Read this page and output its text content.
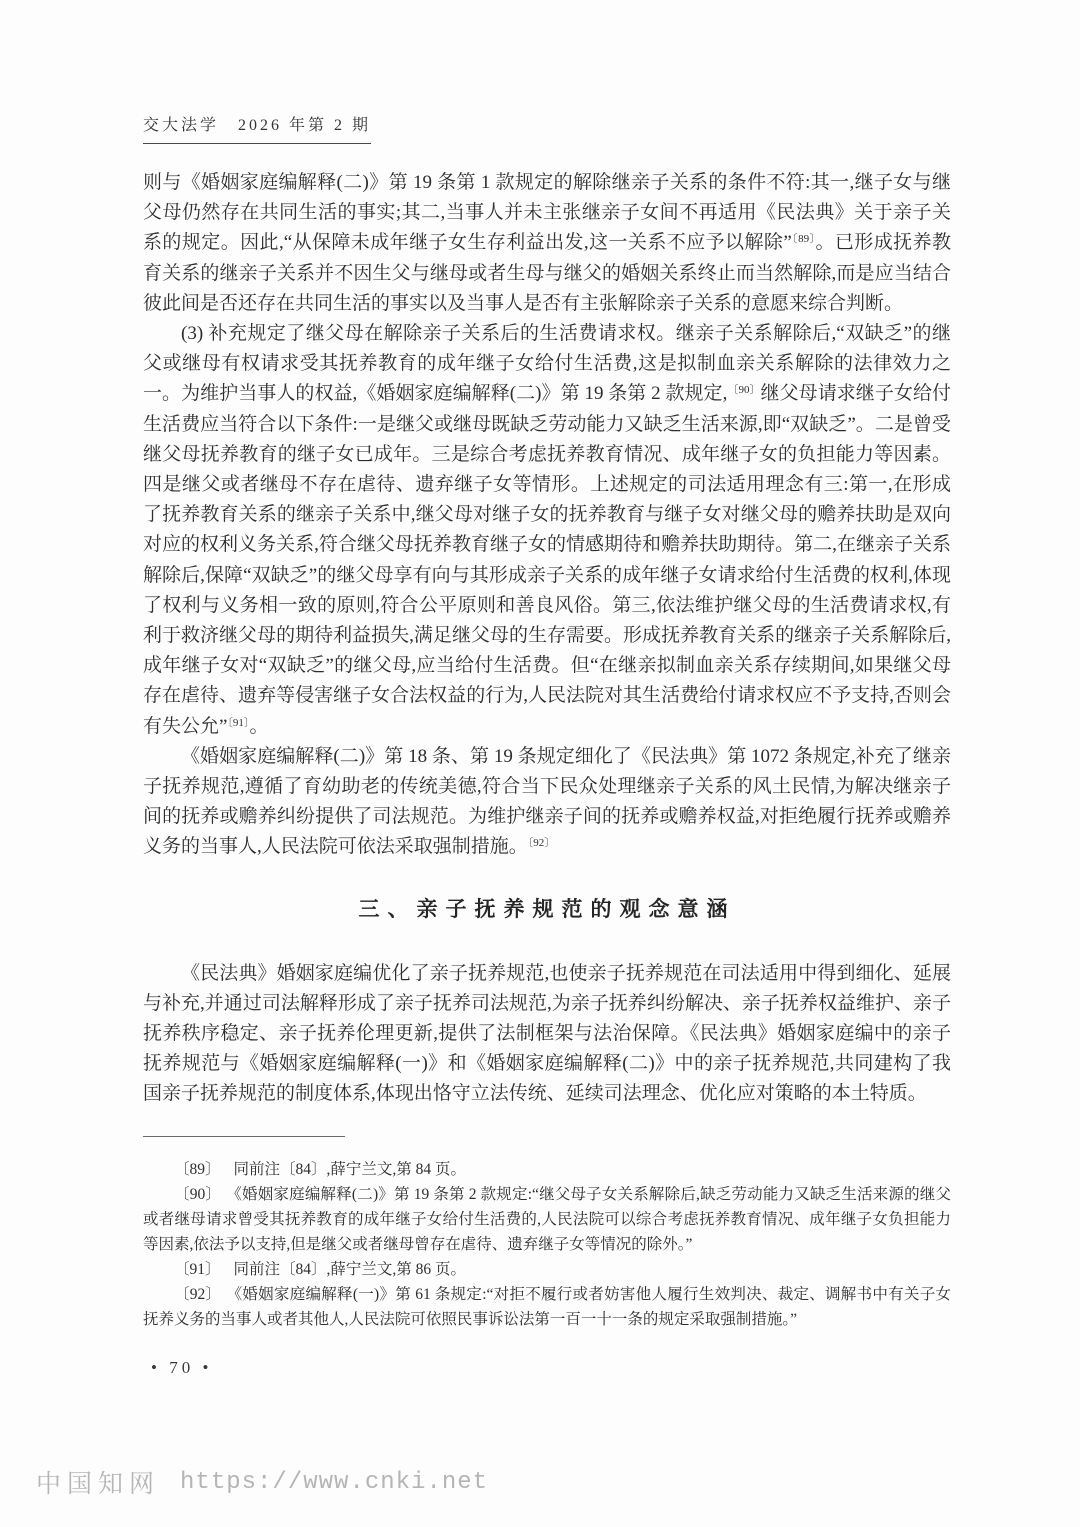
交大法学　2026 年第 2 期

则与《婚姻家庭编解释(二)》第 19 条第 1 款规定的解除继亲子关系的条件不符:其一,继子女与继父母仍然存在共同生活的事实;其二,当事人并未主张继亲子女间不再适用《民法典》关于亲子关系的规定。因此,“从保障未成年继子女生存利益出发,这一关系不应予以解除”$^{〔89〕}$。已形成抚养教育关系的继亲子关系并不因生父与继母或者生母与继父的婚姻关系终止而当然解除,而是应当结合彼此间是否还存在共同生活的事实以及当事人是否有主张解除亲子关系的意愿来综合判断。

(3) 补充规定了继父母在解除亲子关系后的生活费请求权。继亲子关系解除后,“双缺乏”的继父或继母有权请求受其抚养教育的成年继子女给付生活费,这是拟制血亲关系解除的法律效力之一。为维护当事人的权益,《婚姻家庭编解释(二)》第 19 条第 2 款规定,$^{〔90〕}$继父母请求继子女给付生活费应当符合以下条件:一是继父或继母既缺乏劳动能力又缺乏生活来源,即“双缺乏”。二是曾受继父母抚养教育的继子女已成年。三是综合考虑抚养教育情况、成年继子女的负担能力等因素。四是继父或者继母不存在虐待、遗弃继子女等情形。上述规定的司法适用理念有三:第一,在形成了抚养教育关系的继亲子关系中,继父母对继子女的抚养教育与继子女对继父母的赡养扶助是双向对应的权利义务关系,符合继父母抚养教育继子女的情感期待和赡养扶助期待。第二,在继亲子关系解除后,保障“双缺乏”的继父母享有向与其形成亲子关系的成年继子女请求给付生活费的权利,体现了权利与义务相一致的原则,符合公平原则和善良风俗。第三,依法维护继父母的生活费请求权,有利于救济继父母的期待利益损失,满足继父母的生存需要。形成抚养教育关系的继亲子关系解除后,成年继子女对“双缺乏”的继父母,应当给付生活费。但“在继亲拟制血亲关系存续期间,如果继父母存在虐待、遗弃等侵害继子女合法权益的行为,人民法院对其生活费给付请求权应不予支持,否则会有失公允”$^{〔91〕}$。

《婚姻家庭编解释(二)》第 18 条、第 19 条规定细化了《民法典》第 1072 条规定,补充了继亲子抚养规范,遵循了育幼助老的传统美德,符合当下民众处理继亲子关系的风土民情,为解决继亲子间的抚养或赡养纠纷提供了司法规范。为维护继亲子间的抚养或赡养权益,对拒绝履行抚养或赡养义务的当事人,人民法院可依法采取强制措施。$^{〔92〕}$

三、亲子抚养规范的观念意涵

《民法典》婚姻家庭编优化了亲子抚养规范,也使亲子抚养规范在司法适用中得到细化、延展与补充,并通过司法解释形成了亲子抚养司法规范,为亲子抚养纠纷解决、亲子抚养权益维护、亲子抚养秩序稳定、亲子抚养伦理更新,提供了法制框架与法治保障。《民法典》婚姻家庭编中的亲子抚养规范与《婚姻家庭编解释(一)》和《婚姻家庭编解释(二)》中的亲子抚养规范,共同建构了我国亲子抚养规范的制度体系,体现出恪守立法传统、延续司法理念、优化应对策略的本土特质。

〔89〕 同前注〔84〕,薛宁兰文,第 84 页。

〔90〕 《婚姻家庭编解释(二)》第 19 条第 2 款规定:“继父母子女关系解除后,缺乏劳动能力又缺乏生活来源的继父或者继母请求曾受其抚养教育的成年继子女给付生活费的,人民法院可以综合考虑抚养教育情况、成年继子女负担能力等因素,依法予以支持,但是继父或者继母曾存在虐待、遗弃继子女等情况的除外。”

〔91〕 同前注〔84〕,薛宁兰文,第 86 页。

〔92〕 《婚姻家庭编解释(一)》第 61 条规定:“对拒不履行或者妨害他人履行生效判决、裁定、调解书中有关子女抚养义务的当事人或者其他人,人民法院可依照民事诉讼法第一百一十一条的规定采取强制措施。”

• 70 •
中国知网 https://www.cnki.net
